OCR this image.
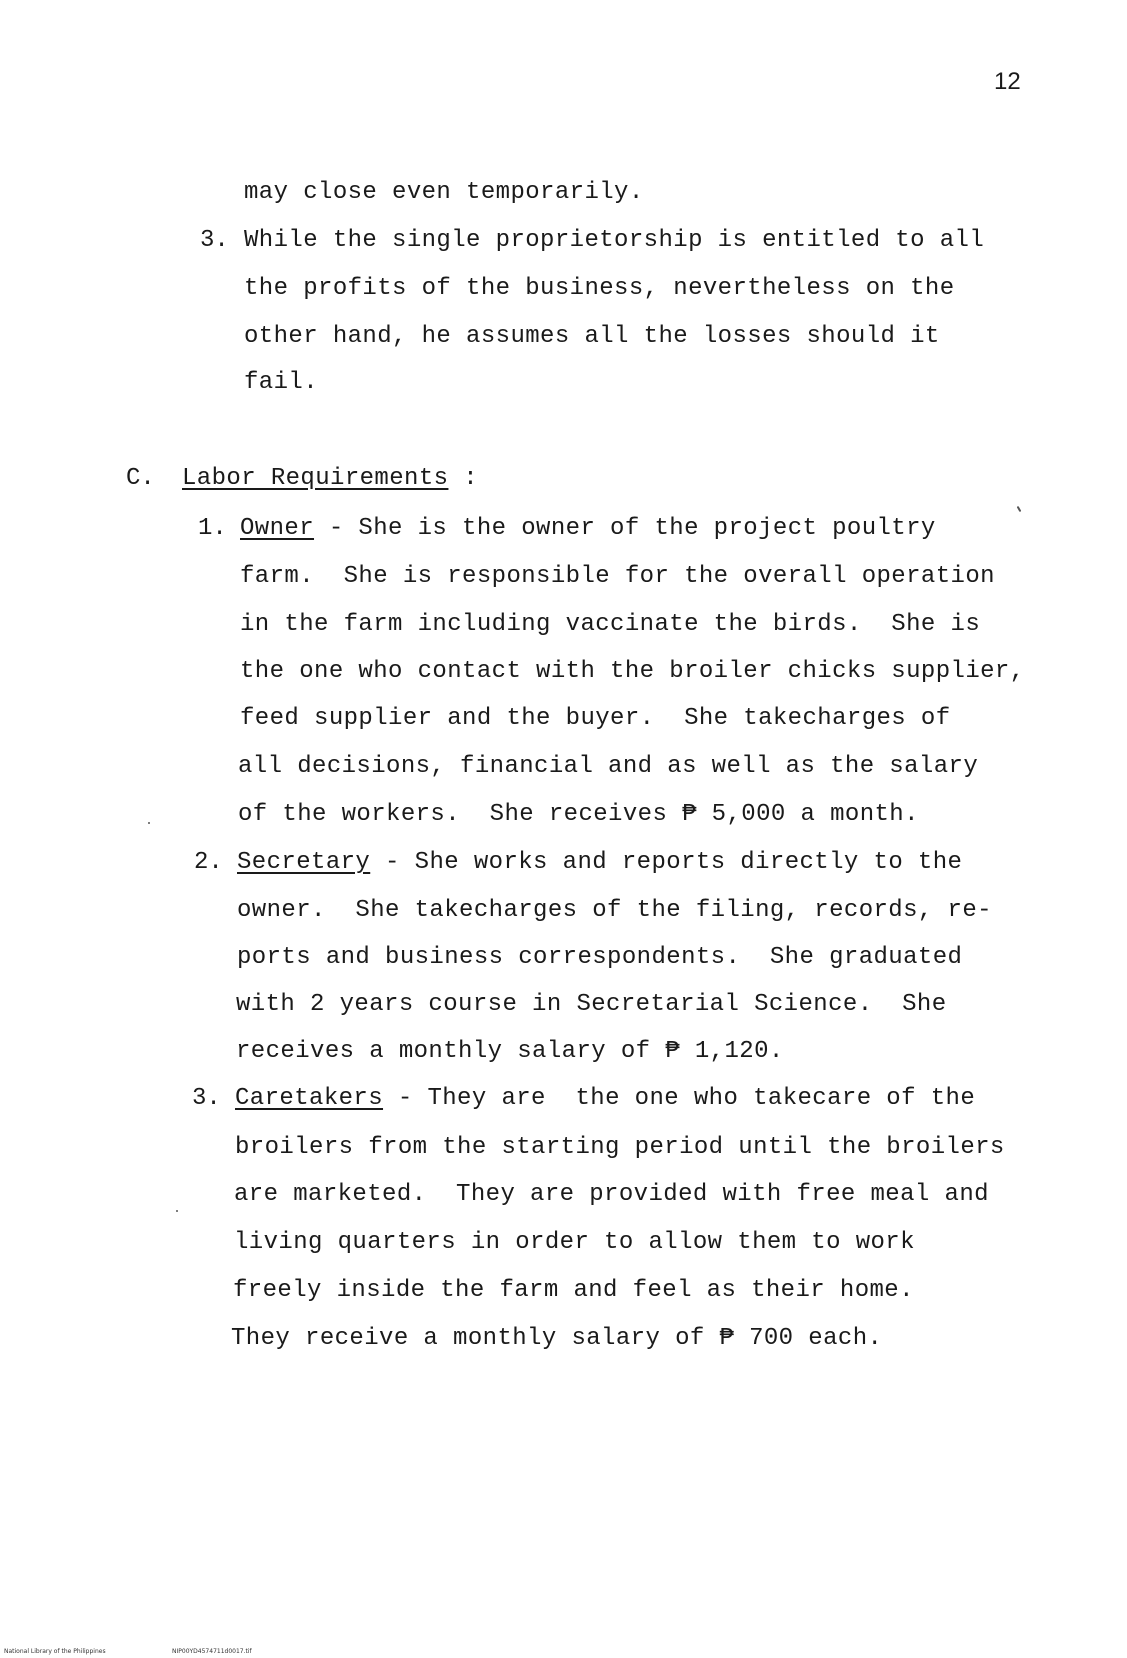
12
may close even temporarily.
3. While the single proprietorship is entitled to all
the profits of the business, nevertheless on the
other hand, he assumes all the losses should it
fail.
C. Labor Requirements :
1. Owner - She is the owner of the project poultry
farm.  She is responsible for the overall operation
in the farm including vaccinate the birds.  She is
the one who contact with the broiler chicks supplier,
feed supplier and the buyer.  She takecharges of
all decisions, financial and as well as the salary
of the workers.  She receives ₱ 5,000 a month.
2. Secretary - She works and reports directly to the
owner.  She takecharges of the filing, records, re-
ports and business correspondents.  She graduated
with 2 years course in Secretarial Science.  She
receives a monthly salary of ₱ 1,120.
3. Caretakers - They are  the one who takecare of the
broilers from the starting period until the broilers
are marketed.  They are provided with free meal and
living quarters in order to allow them to work
freely inside the farm and feel as their home.
They receive a monthly salary of ₱ 700 each.
National Library of the Philippines	NIP00YD4574711d0017.tif
